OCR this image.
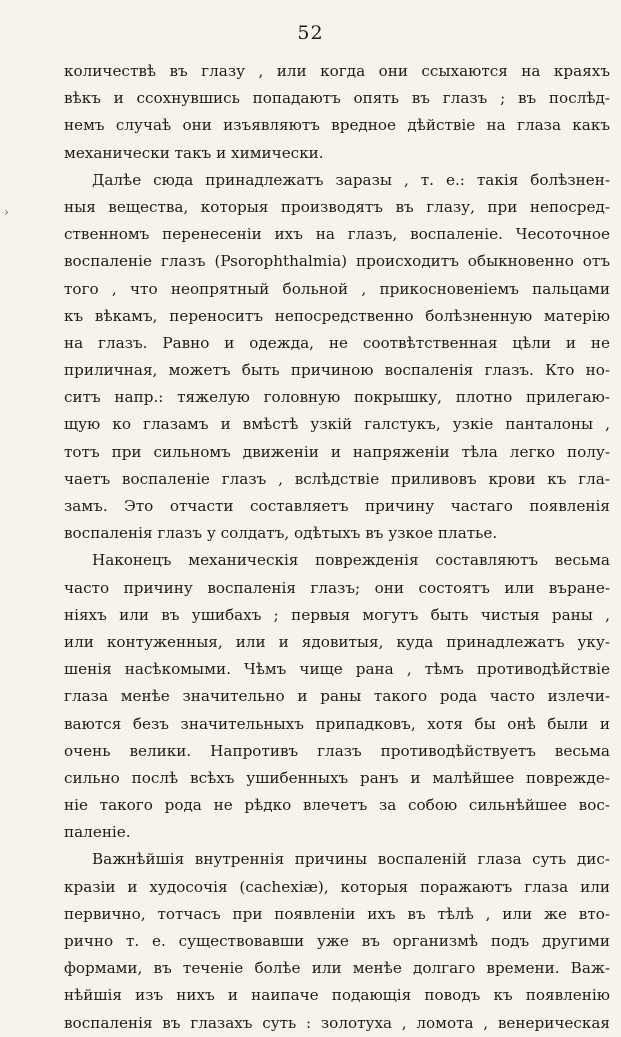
52
›
количествѣ въ глазу , или когда они ссыхаются на краяхъ
вѣкъ и ссохнувшись попадаютъ опять въ глазъ ; въ послѣд-
немъ случаѣ они изъявляютъ вредное дѣйствіе на глаза какъ
механически такъ и химически.
Далѣе сюда принадлежатъ заразы , т. е.: такія болѣзнен-
ныя вещества, которыя производятъ въ глазу, при непосред-
ственномъ перенесеніи ихъ на глазъ, воспаленіе. Чесоточное
воспаленіе глазъ (Psorophthalmia) происходитъ обыкновенно отъ
того , что неопрятный больной , прикосновеніемъ пальцами
къ вѣкамъ, переноситъ непосредственно болѣзненную матерію
на глазъ. Равно и одежда, не соотвѣтственная цѣли и не
приличная, можетъ быть причиною воспаленія глазъ. Кто но-
ситъ напр.: тяжелую головную покрышку, плотно прилегаю-
щую ко глазамъ и вмѣстѣ узкій галстукъ, узкіе панталоны ,
тотъ при сильномъ движеніи и напряженіи тѣла легко полу-
чаетъ воспаленіе глазъ , вслѣдствіе приливовъ крови къ гла-
замъ. Это отчасти составляетъ причину частаго появленія
воспаленія глазъ у солдатъ, одѣтыхъ въ узкое платье.
Наконецъ механическія поврежденія составляютъ весьма
часто причину воспаленія глазъ; они состоятъ или въране-
ніяхъ или въ ушибахъ ; первыя могутъ быть чистыя раны ,
или контуженныя, или и ядовитыя, куда принадлежатъ уку-
шенія насѣкомыми. Чѣмъ чище рана , тѣмъ противодѣйствіе
глаза менѣе значительно и раны такого рода часто излечи-
ваются безъ значительныхъ припадковъ, хотя бы онѣ были и
очень велики. Напротивъ глазъ противодѣйствуетъ весьма
сильно послѣ всѣхъ ушибенныхъ ранъ и малѣйшее поврежде-
ніе такого рода не рѣдко влечетъ за собою сильнѣйшее вос-
паленіе.
Важнѣйшія внутреннія причины воспаленій глаза суть дис-
кразіи и худосочія (cachexiæ), которыя поражаютъ глаза или
первично, тотчасъ при появленіи ихъ въ тѣлѣ , или же вто-
рично т. е. существовавши уже въ организмѣ подъ другими
формами, въ теченіе болѣе или менѣе долгаго времени. Важ-
нѣйшія изъ нихъ и наипаче подающія поводъ къ появленію
воспаленія въ глазахъ суть : золотуха , ломота , венерическая
